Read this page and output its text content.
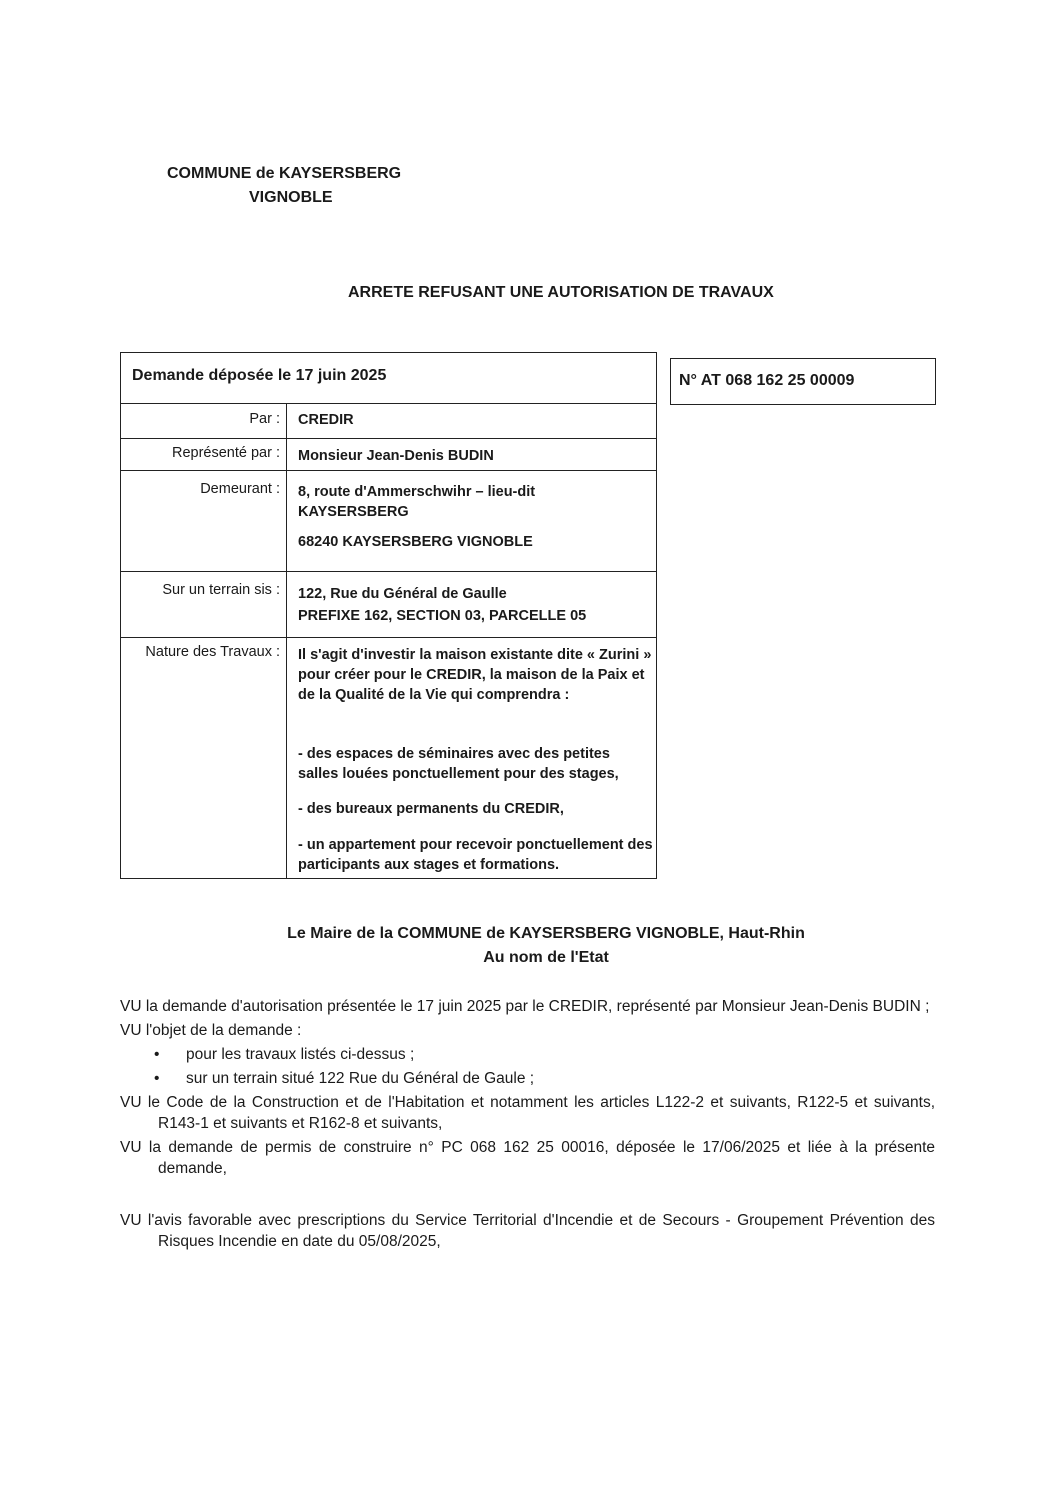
COMMUNE de KAYSERSBERG
VIGNOBLE
ARRETE REFUSANT UNE AUTORISATION DE TRAVAUX
Demande déposée le 17 juin 2025
Par : CREDIR
Représenté par : Monsieur Jean-Denis BUDIN
Demeurant : 8, route d'Ammerschwihr – lieu-dit
KAYSERSBERG
68240 KAYSERSBERG VIGNOBLE
Sur un terrain sis : 122, Rue du Général de Gaulle
PREFIXE 162, SECTION 03, PARCELLE 05
Nature des Travaux : Il s'agit d'investir la maison existante dite « Zurini » pour créer pour le CREDIR, la maison de la Paix et de la Qualité de la Vie qui comprendra :
- des espaces de séminaires avec des petites salles louées ponctuellement pour des stages,
- des bureaux permanents du CREDIR,
- un appartement pour recevoir ponctuellement des participants aux stages et formations.
N° AT 068 162 25 00009
Le Maire de la COMMUNE de KAYSERSBERG VIGNOBLE, Haut-Rhin
Au nom de l'Etat

VU la demande d'autorisation présentée le 17 juin 2025 par le CREDIR, représenté par Monsieur Jean-Denis BUDIN ;

VU l'objet de la demande :

• pour les travaux listés ci-dessus ;
• sur un terrain situé 122 Rue du Général de Gaule ;

VU le Code de la Construction et de l'Habitation et notamment les articles L122-2 et suivants, R122-5 et suivants, R143-1 et suivants et R162-8 et suivants,

VU la demande de permis de construire n° PC 068 162 25 00016, déposée le 17/06/2025 et liée à la présente demande,

VU l'avis favorable avec prescriptions du Service Territorial d'Incendie et de Secours - Groupement Prévention des Risques Incendie en date du 05/08/2025,
